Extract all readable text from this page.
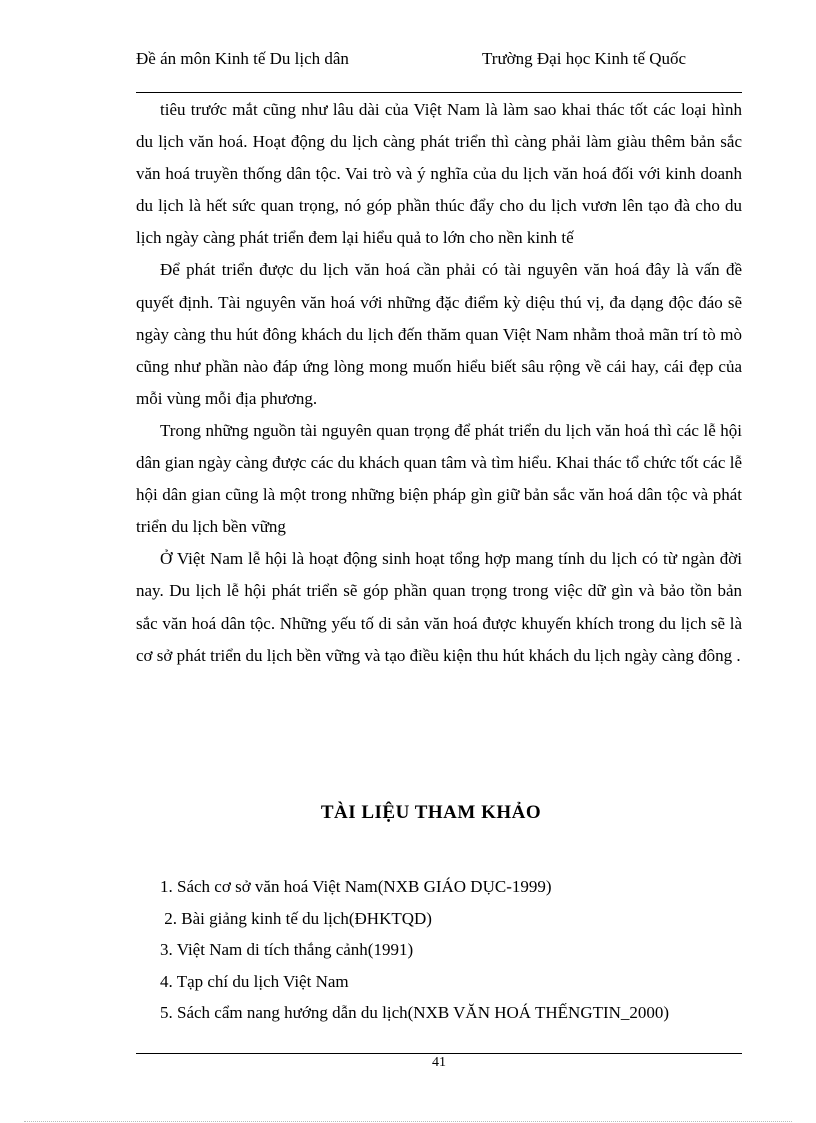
Đề án môn Kinh tế Du lịch dân	Trường Đại học Kinh tế Quốc

tiêu trước mắt cũng như lâu dài của Việt Nam là làm sao khai thác tốt các loại hình du lịch văn hoá. Hoạt động du lịch càng phát triển thì càng phải làm giàu thêm bản sắc văn hoá truyền thống dân tộc. Vai trò và ý nghĩa của du lịch văn hoá đối với kinh doanh du lịch là hết sức quan trọng, nó góp phần thúc đẩy cho du lịch vươn lên tạo đà cho du lịch ngày càng phát triển đem lại hiểu quả to lớn cho nền kinh tế

Để phát triển được du lịch văn hoá cần phải có tài nguyên văn hoá đây là vấn đề quyết định. Tài nguyên văn hoá với những đặc điểm kỳ diệu thú vị, đa dạng độc đáo sẽ ngày càng thu hút đông khách du lịch đến thăm quan Việt Nam nhằm thoả mãn trí tò mò cũng như phần nào đáp ứng lòng mong muốn hiểu biết sâu rộng về cái hay, cái đẹp của mỗi vùng mỗi địa phương.

Trong những nguồn tài nguyên quan trọng để phát triển du lịch văn hoá thì các lễ hội dân gian ngày càng được các du khách quan tâm và tìm hiểu. Khai thác tổ chức tốt các lễ hội dân gian cũng là một trong những biện pháp gìn giữ bản sắc văn hoá dân tộc và phát triển du lịch bền vững

Ở Việt Nam lễ hội là hoạt động sinh hoạt tổng hợp mang tính du lịch có từ ngàn đời nay. Du lịch lễ hội phát triển sẽ góp phần quan trọng trong việc dữ gìn và bảo tồn bản sắc văn hoá dân tộc. Những yếu tố di sản văn hoá được khuyến khích trong du lịch sẽ là cơ sở phát triển du lịch bền vững và tạo điều kiện thu hút khách du lịch ngày càng đông .

TÀI LIỆU THAM KHẢO
1. Sách cơ sở văn hoá Việt Nam(NXB GIÁO DỤC-1999)
2. Bài giảng kinh tế du lịch(ĐHKTQD)
3. Việt Nam di tích thắng cảnh(1991)
4. Tạp chí du lịch Việt Nam
5. Sách cẩm nang hướng dẫn du lịch(NXB VĂN HOÁ THẾNGTIN_2000)
41
